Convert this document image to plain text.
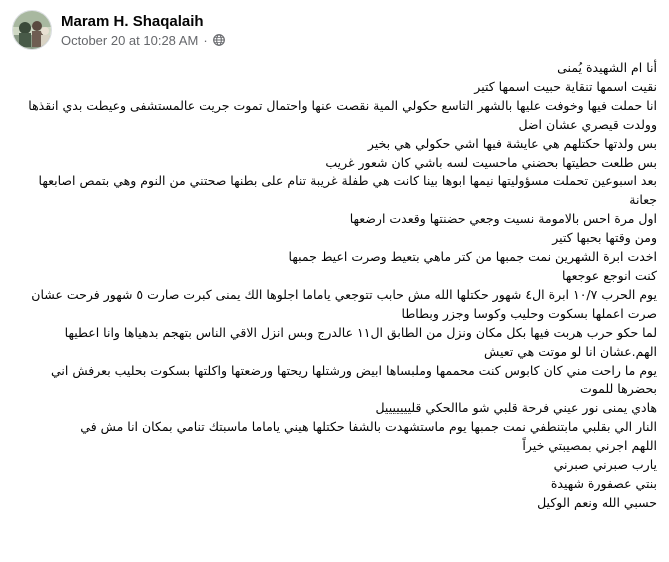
Maram H. Shaqalaih
October 20 at 10:28 AM ·
أنا ام الشهيدة يُمنى
نقيت اسمها تنقاية حبيت اسمها كتير
انا حملت فيها وخوفت عليها بالشهر التاسع حكولي المية نقصت عنها واحتمال تموت جريت عالمستشفى وعيطت بدي انقذها وولدت قيصري عشان اضل
بس ولدتها حكتلهم هي عايشة فيها اشي حكولي هي بخير
بس طلعت حطيتها بحضني ماحسيت لسه باشي كان شعور غريب
بعد اسبوعين تحملت مسؤوليتها نيمها ابوها بينا كانت هي طفلة غريبة تنام على بطنها صحتني من النوم وهي بتمص اصابعها جعانة
اول مرة احس بالامومة نسيت وجعي حضنتها وقعدت ارضعها
ومن وقتها بحبها كتير
اخدت ابرة الشهرين نمت جمبها من كتر ماهي بتعيط وصرت اعيط جمبها
كنت انوجع عوجعها
يوم الحرب ١٠/٧ ابرة ال٤ شهور حكتلها الله مش حابب تتوجعي ياماما اجلوها الك يمنى كبرت صارت ٥ شهور فرحت عشان صرت اعملها بسكوت وحليب وكوسا وجزر وبطاطا
لما حكو حرب هربت فيها بكل مكان ونزل من الطابق ال١١ عالدرج وبس انزل الاقي الناس بتهجم بدهياها وانا اعطيها الهم.عشان انا لو موتت هي تعيش
يوم ما راحت مني كان كابوس كنت محممها وملبساها ابيض ورشتلها ريحتها ورضعتها واكلتها بسكوت بحليب بعرفش اني بحضرها للموت
هادي يمنى نور عيني فرحة قلبي شو ماالحكي قليييييييل
النار الي بقلبي مابتنطفي نمت جمبها يوم ماستشهدت بالشفا حكتلها هيني ياماما ماسبتك تنامي بمكان انا مش في
اللهم اجرني بمصيبتي خيراً
يارب صبرني صبرني
بنتي عصفورة شهيدة
حسبي الله ونعم الوكيل
